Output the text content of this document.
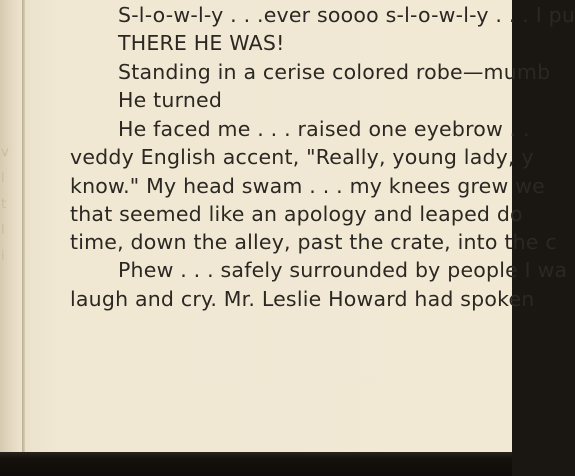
v
l
t
l
i
S-l-o-w-l-y . . .ever soooo s-l-o-w-l-y . . . I pu
THERE HE WAS!
Standing in a cerise colored robe—mumb
He turned
He faced me . . . raised one eyebrow . .
veddy English accent, "Really, young lady, y
know." My head swam . . . my knees grew we
that seemed like an apology and leaped do
time, down the alley, past the crate, into the c
Phew . . . safely surrounded by people I wa
laugh and cry. Mr. Leslie Howard had spoken
